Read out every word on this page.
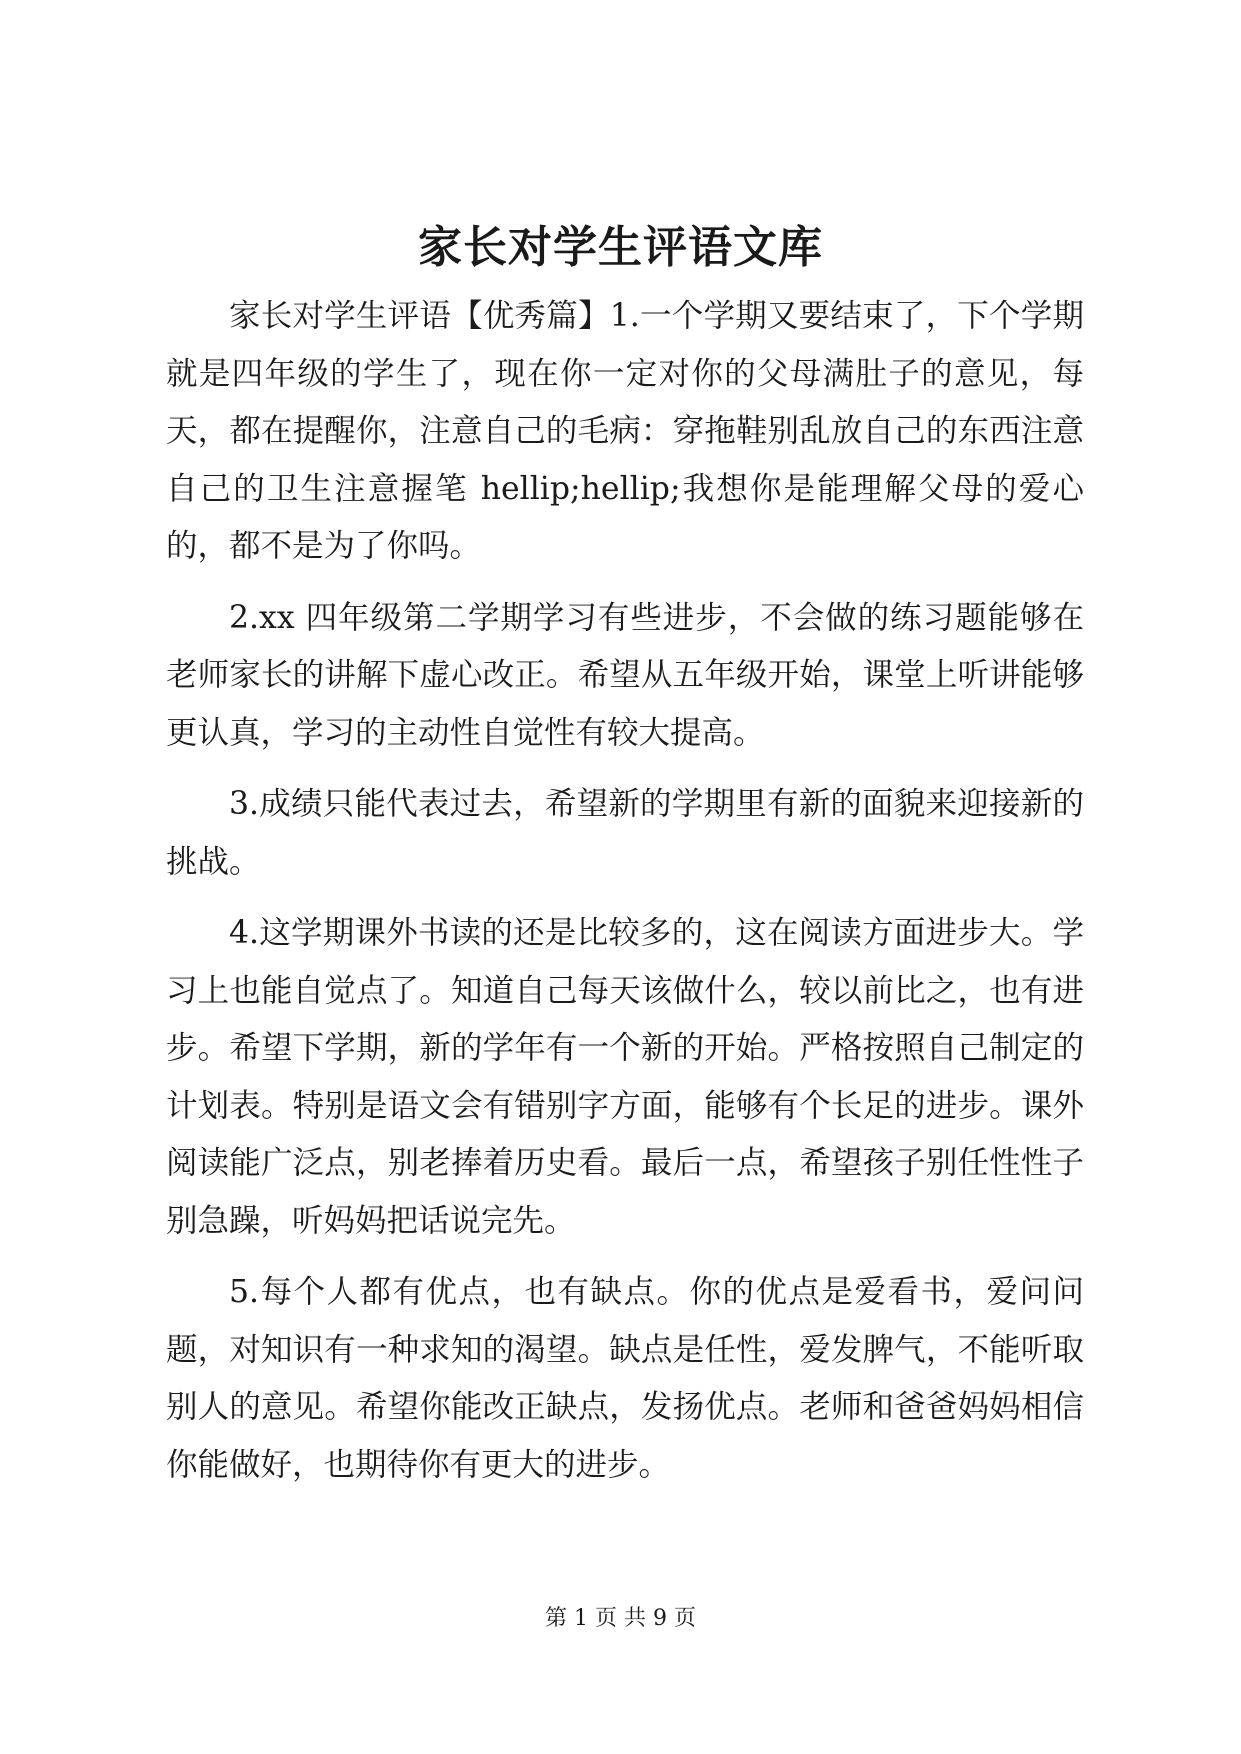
家长对学生评语文库

家长对学生评语【优秀篇】1.一个学期又要结束了，下个学期就是四年级的学生了，现在你一定对你的父母满肚子的意见，每天，都在提醒你，注意自己的毛病：穿拖鞋别乱放自己的东西注意自己的卫生注意握笔 hellip;hellip;我想你是能理解父母的爱心的，都不是为了你吗。

2.xx 四年级第二学期学习有些进步，不会做的练习题能够在老师家长的讲解下虚心改正。希望从五年级开始，课堂上听讲能够更认真，学习的主动性自觉性有较大提高。

3.成绩只能代表过去，希望新的学期里有新的面貌来迎接新的挑战。

4.这学期课外书读的还是比较多的，这在阅读方面进步大。学习上也能自觉点了。知道自己每天该做什么，较以前比之，也有进步。希望下学期，新的学年有一个新的开始。严格按照自己制定的计划表。特别是语文会有错别字方面，能够有个长足的进步。课外阅读能广泛点，别老捧着历史看。最后一点，希望孩子别任性性子别急躁，听妈妈把话说完先。

5.每个人都有优点，也有缺点。你的优点是爱看书，爱问问题，对知识有一种求知的渴望。缺点是任性，爱发脾气，不能听取别人的意见。希望你能改正缺点，发扬优点。老师和爸爸妈妈相信你能做好，也期待你有更大的进步。

第 1 页 共 9 页
